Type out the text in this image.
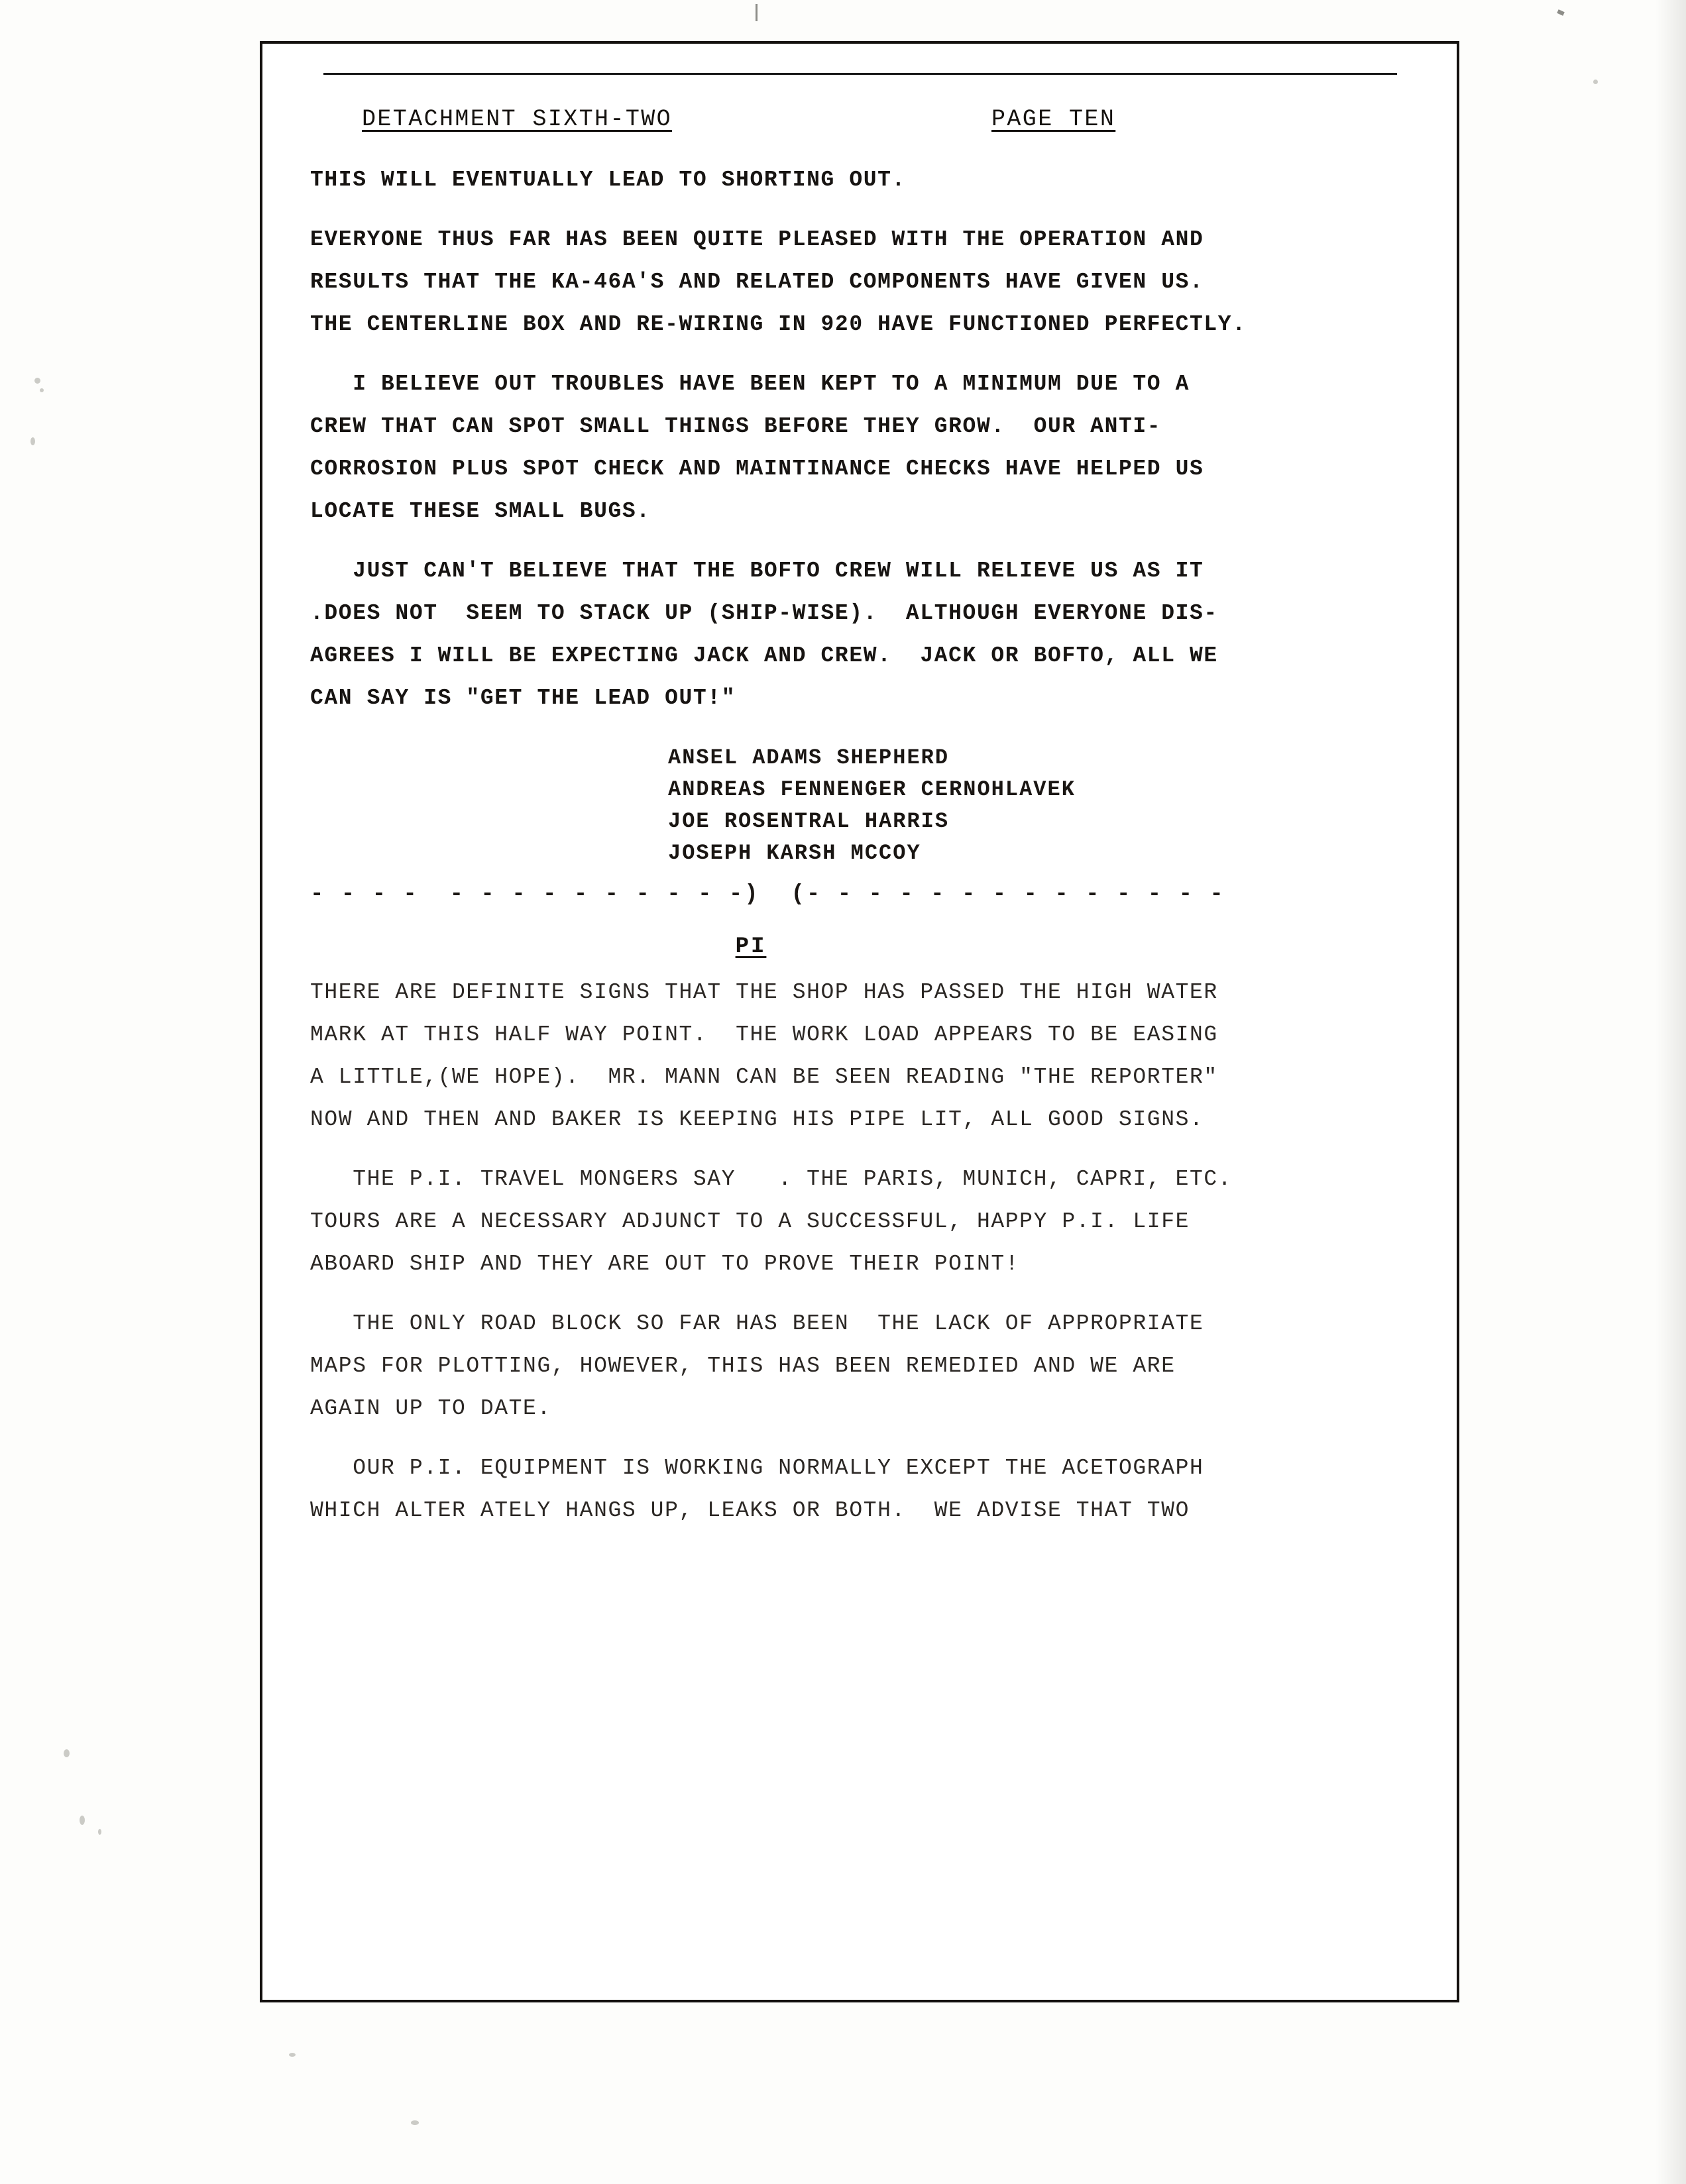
DETACHMENT SIXTH-TWO	PAGE TEN
THIS WILL EVENTUALLY LEAD TO SHORTING OUT.
EVERYONE THUS FAR HAS BEEN QUITE PLEASED WITH THE OPERATION AND
RESULTS THAT THE KA-46A'S AND RELATED COMPONENTS HAVE GIVEN US.
THE CENTERLINE BOX AND RE-WIRING IN 920 HAVE FUNCTIONED PERFECTLY.
I BELIEVE OUT TROUBLES HAVE BEEN KEPT TO A MINIMUM DUE TO A
CREW THAT CAN SPOT SMALL THINGS BEFORE THEY GROW.  OUR ANTI-
CORROSION PLUS SPOT CHECK AND MAINTINANCE CHECKS HAVE HELPED US
LOCATE THESE SMALL BUGS.
JUST CAN'T BELIEVE THAT THE BOFTO CREW WILL RELIEVE US AS IT
.DOES NOT  SEEM TO STACK UP (SHIP-WISE).  ALTHOUGH EVERYONE DIS-
AGREES I WILL BE EXPECTING JACK AND CREW.  JACK OR BOFTO, ALL WE
CAN SAY IS "GET THE LEAD OUT!"
ANSEL ADAMS SHEPHERD
ANDREAS FENNENGER CERNOHLAVEK
JOE ROSENTRAL HARRIS
JOSEPH KARSH MCCOY
- - - -  - - - - - - - - - -)  (- - - - - - - - - - - - - -
PI
THERE ARE DEFINITE SIGNS THAT THE SHOP HAS PASSED THE HIGH WATER
MARK AT THIS HALF WAY POINT.  THE WORK LOAD APPEARS TO BE EASING
A LITTLE,(WE HOPE).  MR. MANN CAN BE SEEN READING "THE REPORTER"
NOW AND THEN AND BAKER IS KEEPING HIS PIPE LIT, ALL GOOD SIGNS.
THE P.I. TRAVEL MONGERS SAY   . THE PARIS, MUNICH, CAPRI, ETC.
TOURS ARE A NECESSARY ADJUNCT TO A SUCCESSFUL, HAPPY P.I. LIFE
ABOARD SHIP AND THEY ARE OUT TO PROVE THEIR POINT!
THE ONLY ROAD BLOCK SO FAR HAS BEEN  THE LACK OF APPROPRIATE
MAPS FOR PLOTTING, HOWEVER, THIS HAS BEEN REMEDIED AND WE ARE
AGAIN UP TO DATE.
OUR P.I. EQUIPMENT IS WORKING NORMALLY EXCEPT THE ACETOGRAPH
WHICH ALTER ATELY HANGS UP, LEAKS OR BOTH.  WE ADVISE THAT TWO
